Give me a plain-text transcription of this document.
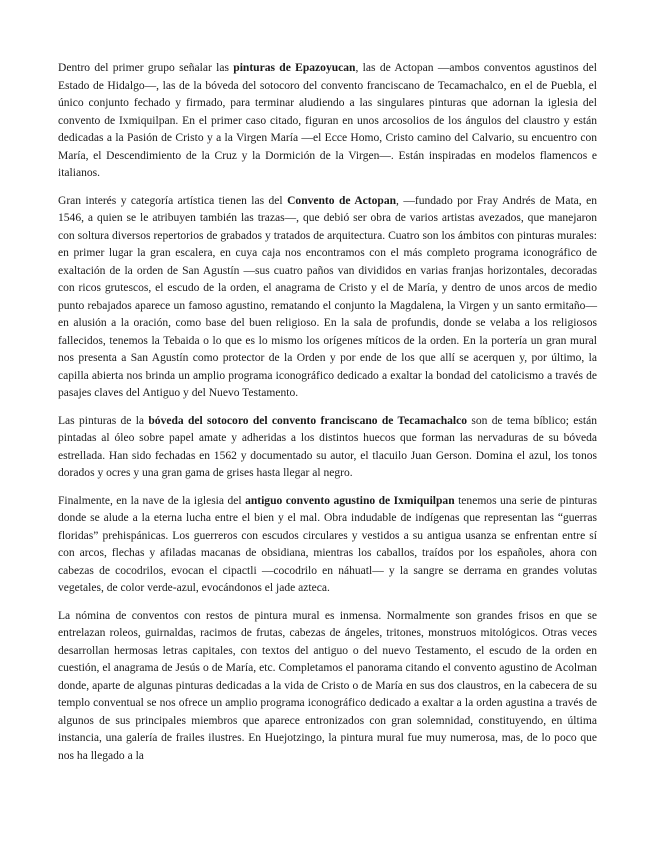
Dentro del primer grupo señalar las pinturas de Epazoyucan, las de Actopan —ambos conventos agustinos del Estado de Hidalgo—, las de la bóveda del sotocoro del convento franciscano de Tecamachalco, en el de Puebla, el único conjunto fechado y firmado, para terminar aludiendo a las singulares pinturas que adornan la iglesia del convento de Ixmiquilpan. En el primer caso citado, figuran en unos arcosolios de los ángulos del claustro y están dedicadas a la Pasión de Cristo y a la Virgen María —el Ecce Homo, Cristo camino del Calvario, su encuentro con María, el Descendimiento de la Cruz y la Dormición de la Virgen—. Están inspiradas en modelos flamencos e italianos.

Gran interés y categoría artística tienen las del Convento de Actopan, —fundado por Fray Andrés de Mata, en 1546, a quien se le atribuyen también las trazas—, que debió ser obra de varios artistas avezados, que manejaron con soltura diversos repertorios de grabados y tratados de arquitectura. Cuatro son los ámbitos con pinturas murales: en primer lugar la gran escalera, en cuya caja nos encontramos con el más completo programa iconográfico de exaltación de la orden de San Agustín —sus cuatro paños van divididos en varias franjas horizontales, decoradas con ricos grutescos, el escudo de la orden, el anagrama de Cristo y el de María, y dentro de unos arcos de medio punto rebajados aparece un famoso agustino, rematando el conjunto la Magdalena, la Virgen y un santo ermitaño— en alusión a la oración, como base del buen religioso. En la sala de profundis, donde se velaba a los religiosos fallecidos, tenemos la Tebaida o lo que es lo mismo los orígenes míticos de la orden. En la portería un gran mural nos presenta a San Agustín como protector de la Orden y por ende de los que allí se acerquen y, por último, la capilla abierta nos brinda un amplio programa iconográfico dedicado a exaltar la bondad del catolicismo a través de pasajes claves del Antiguo y del Nuevo Testamento.

Las pinturas de la bóveda del sotocoro del convento franciscano de Tecamachalco son de tema bíblico; están pintadas al óleo sobre papel amate y adheridas a los distintos huecos que forman las nervaduras de su bóveda estrellada. Han sido fechadas en 1562 y documentado su autor, el tlacuilo Juan Gerson. Domina el azul, los tonos dorados y ocres y una gran gama de grises hasta llegar al negro.

Finalmente, en la nave de la iglesia del antiguo convento agustino de Ixmiquilpan tenemos una serie de pinturas donde se alude a la eterna lucha entre el bien y el mal. Obra indudable de indígenas que representan las “guerras floridas” prehispánicas. Los guerreros con escudos circulares y vestidos a su antigua usanza se enfrentan entre sí con arcos, flechas y afiladas macanas de obsidiana, mientras los caballos, traídos por los españoles, ahora con cabezas de cocodrilos, evocan el cipactli —cocodrilo en náhuatl— y la sangre se derrama en grandes volutas vegetales, de color verde-azul, evocándonos el jade azteca.

La nómina de conventos con restos de pintura mural es inmensa. Normalmente son grandes frisos en que se entrelazan roleos, guirnaldas, racimos de frutas, cabezas de ángeles, tritones, monstruos mitológicos. Otras veces desarrollan hermosas letras capitales, con textos del antiguo o del nuevo Testamento, el escudo de la orden en cuestión, el anagrama de Jesús o de María, etc. Completamos el panorama citando el convento agustino de Acolman donde, aparte de algunas pinturas dedicadas a la vida de Cristo o de María en sus dos claustros, en la cabecera de su templo conventual se nos ofrece un amplio programa iconográfico dedicado a exaltar a la orden agustina a través de algunos de sus principales miembros que aparece entronizados con gran solemnidad, constituyendo, en última instancia, una galería de frailes ilustres. En Huejotzingo, la pintura mural fue muy numerosa, mas, de lo poco que nos ha llegado a la
